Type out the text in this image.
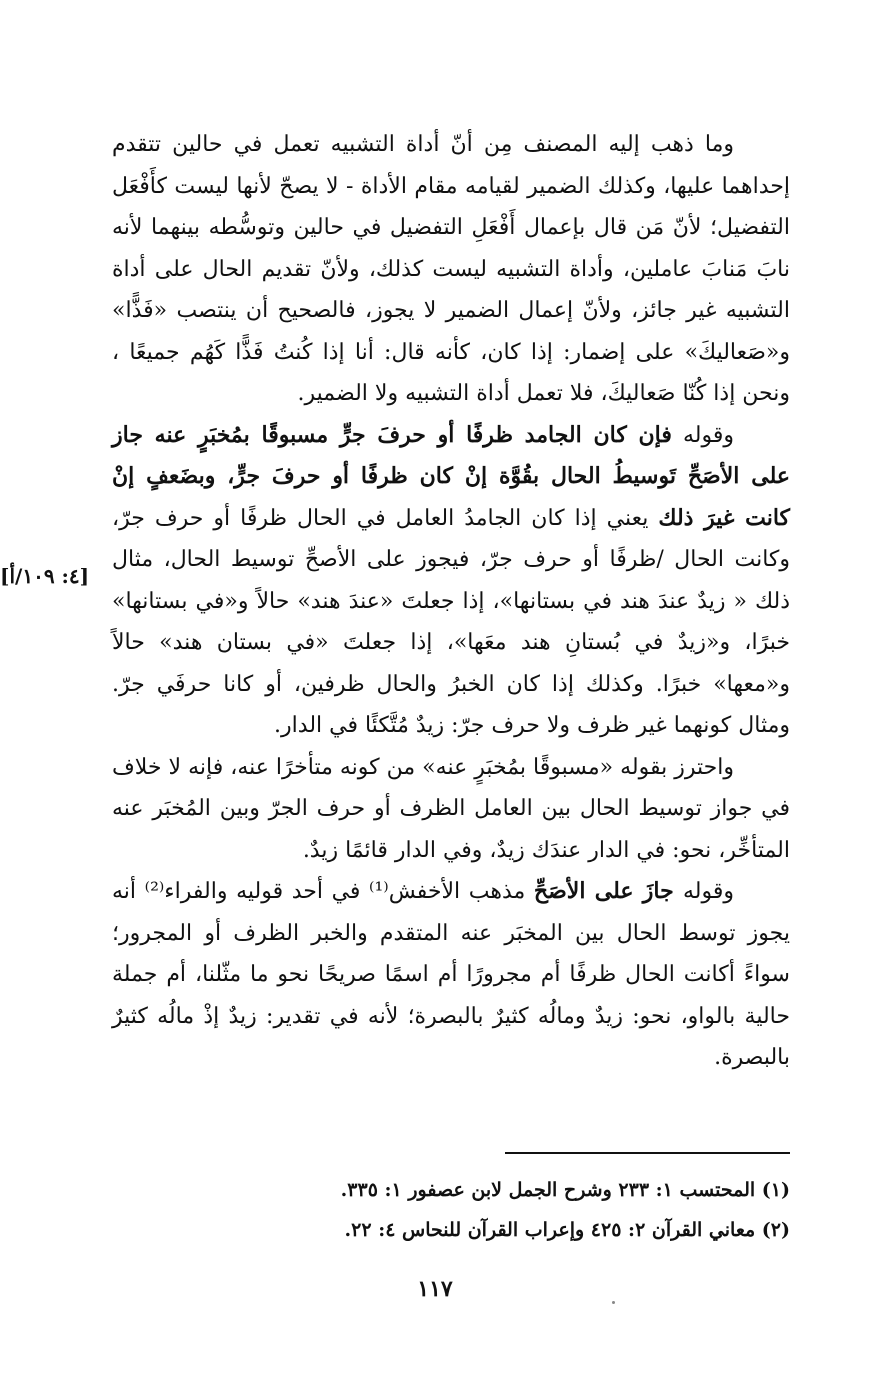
وما ذهب إليه المصنف مِن أنّ أداة التشبيه تعمل في حالين تتقدم إحداهما عليها، وكذلك الضمير لقيامه مقام الأداة - لا يصحّ لأنها ليست كأَفْعَل التفضيل؛ لأنّ مَن قال بإعمال أَفْعَلِ التفضيل في حالين وتوسُّطه بينهما لأنه نابَ مَنابَ عاملين، وأداة التشبيه ليست كذلك، ولأنّ تقديم الحال على أداة التشبيه غير جائز، ولأنّ إعمال الضمير لا يجوز، فالصحيح أن ينتصب «فَذًّا» و«صَعاليكَ» على إضمار: إذا كان، كأنه قال: أنا إذا كُنتُ فَذًّا كَهُم جميعًا ، ونحن إذا كُنّا صَعاليكَ، فلا تعمل أداة التشبيه ولا الضمير.

وقوله فإن كان الجامد ظرفًا أو حرفَ جرٍّ مسبوقًا بمُخبَرٍ عنه جاز على الأصَحِّ تَوسيطُ الحال بقُوَّة إنْ كان ظرفًا أو حرفَ جرٍّ، وبضَعفٍ إنْ كانت غيرَ ذلك يعني إذا كان الجامدُ العامل في الحال ظرفًا أو حرف جرّ، وكانت الحال /ظرفًا أو حرف جرّ، فيجوز على الأصحِّ توسيط الحال، مثال ذلك « زيدٌ عندَ هند في بستانها»، إذا جعلتَ «عندَ هند» حالاً و«في بستانها» خبرًا، و«زيدٌ في بُستانِ هند معَها»، إذا جعلتَ «في بستان هند» حالاً و«معها» خبرًا. وكذلك إذا كان الخبرُ والحال ظرفين، أو كانا حرفَي جرّ. ومثال كونهما غير ظرف ولا حرف جرّ: زيدٌ مُتَّكئًا في الدار.

واحترز بقوله «مسبوقًا بمُخبَرٍ عنه» من كونه متأخرًا عنه، فإنه لا خلاف في جواز توسيط الحال بين العامل الظرف أو حرف الجرّ وبين المُخبَر عنه المتأخِّر، نحو: في الدار عندَك زيدٌ، وفي الدار قائمًا زيدٌ.

وقوله جازَ على الأصَحِّ مذهب الأخفش⁽¹⁾ في أحد قوليه والفراء⁽²⁾ أنه يجوز توسط الحال بين المخبَر عنه المتقدم والخبر الظرف أو المجرور؛ سواءً أكانت الحال ظرفًا أم مجرورًا أم اسمًا صريحًا نحو ما مثّلنا، أم جملة حالية بالواو، نحو: زيدٌ ومالُه كثيرٌ بالبصرة؛ لأنه في تقدير: زيدٌ إذْ مالُه كثيرٌ بالبصرة.

[٤: ١٠٩/أ]
(١) المحتسب ١: ٢٣٣ وشرح الجمل لابن عصفور ١: ٣٣٥.
(٢) معاني القرآن ٢: ٤٢٥ وإعراب القرآن للنحاس ٤: ٢٢.
١١٧
